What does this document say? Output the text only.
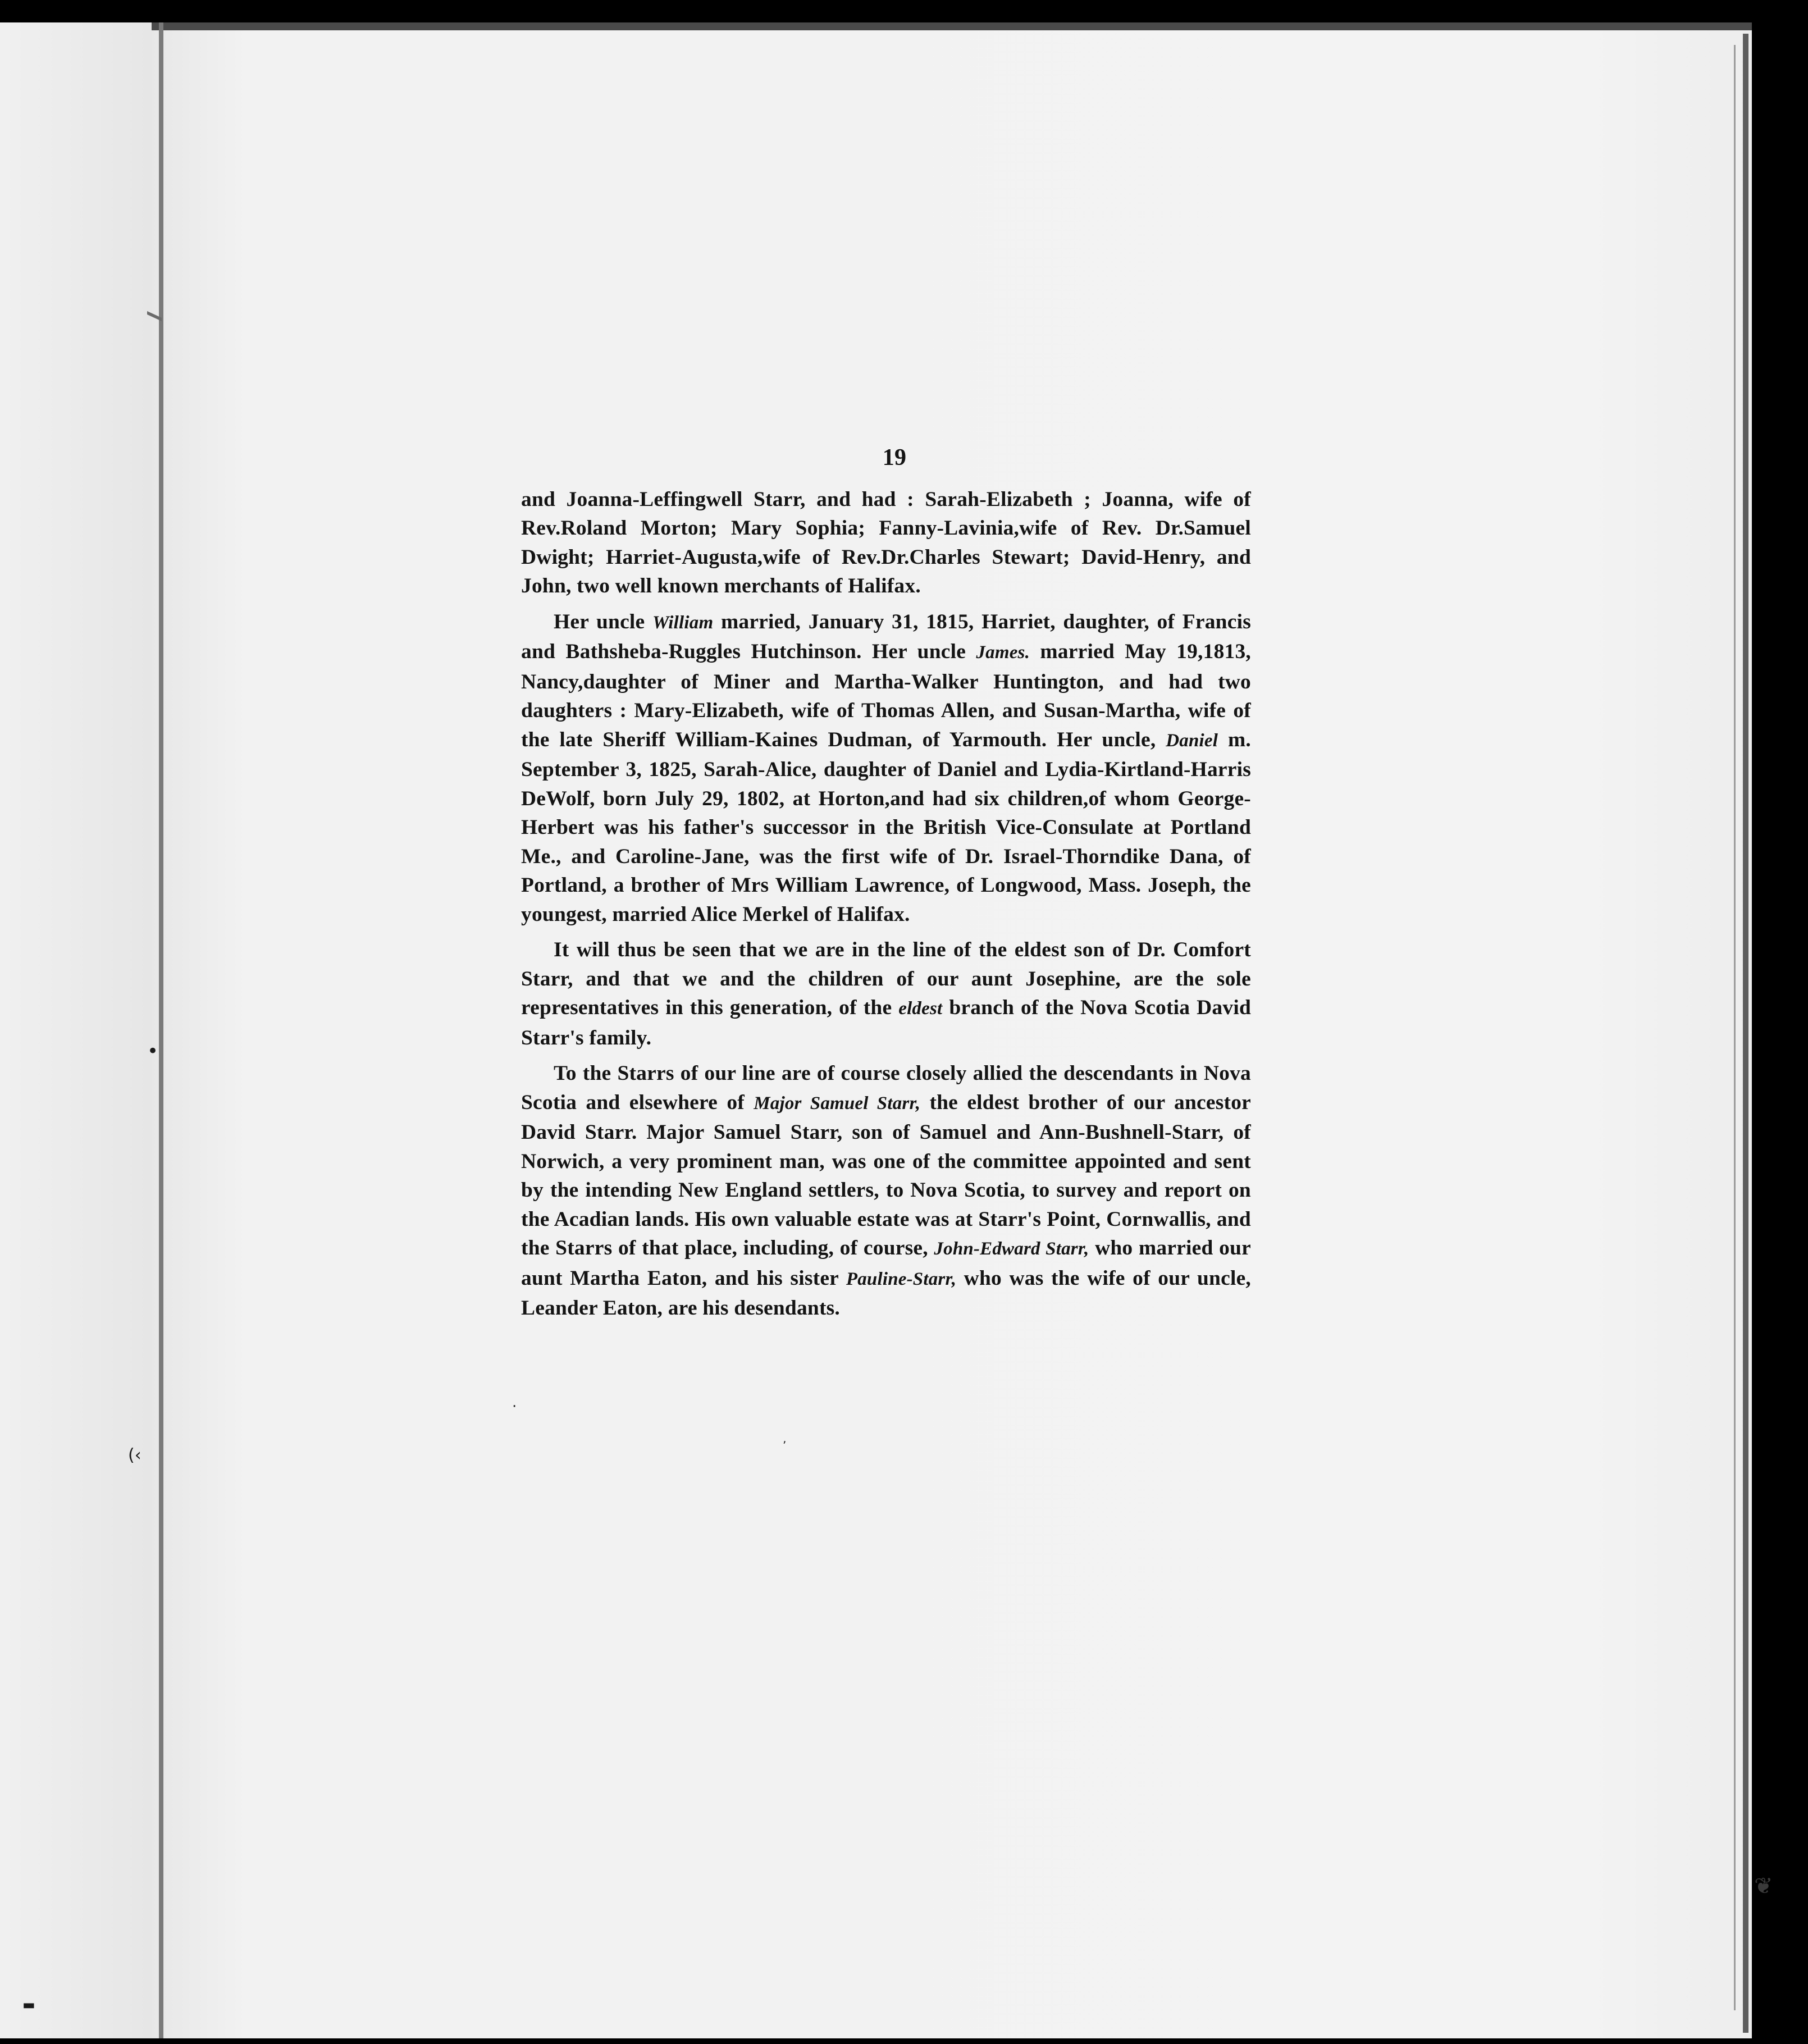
•
(‹	ʼ
❦
▬
·
19

and Joanna-Leffingwell Starr, and had : Sarah-Elizabeth ; Joanna, wife of Rev.Roland Morton; Mary Sophia; Fanny-Lavinia,wife of Rev. Dr.Samuel Dwight; Harriet-Augusta,wife of Rev.Dr.Charles Stewart; David-Henry, and John, two well known merchants of Halifax.

Her uncle William married, January 31, 1815, Harriet, daughter, of Francis and Bathsheba-Ruggles Hutchinson. Her uncle James. married May 19,1813, Nancy,daughter of Miner and Martha-Walker Huntington, and had two daughters : Mary-Elizabeth, wife of Thomas Allen, and Susan-Martha, wife of the late Sheriff William-Kaines Dudman, of Yarmouth. Her uncle, Daniel m. September 3, 1825, Sarah-Alice, daughter of Daniel and Lydia-Kirtland-Harris DeWolf, born July 29, 1802, at Horton,and had six children,of whom George-Herbert was his father's successor in the British Vice-Consulate at Portland Me., and Caroline-Jane, was the first wife of Dr. Israel-Thorndike Dana, of Portland, a brother of Mrs William Lawrence, of Longwood, Mass. Joseph, the youngest, married Alice Merkel of Halifax.

It will thus be seen that we are in the line of the eldest son of Dr. Comfort Starr, and that we and the children of our aunt Josephine, are the sole representatives in this generation, of the eldest branch of the Nova Scotia David Starr's family.

To the Starrs of our line are of course closely allied the descendants in Nova Scotia and elsewhere of Major Samuel Starr, the eldest brother of our ancestor David Starr. Major Samuel Starr, son of Samuel and Ann-Bushnell-Starr, of Norwich, a very prominent man, was one of the committee appointed and sent by the intending New England settlers, to Nova Scotia, to survey and report on the Acadian lands. His own valuable estate was at Starr's Point, Cornwallis, and the Starrs of that place, including, of course, John-Edward Starr, who married our aunt Martha Eaton, and his sister Pauline-Starr, who was the wife of our uncle, Leander Eaton, are his desendants.
